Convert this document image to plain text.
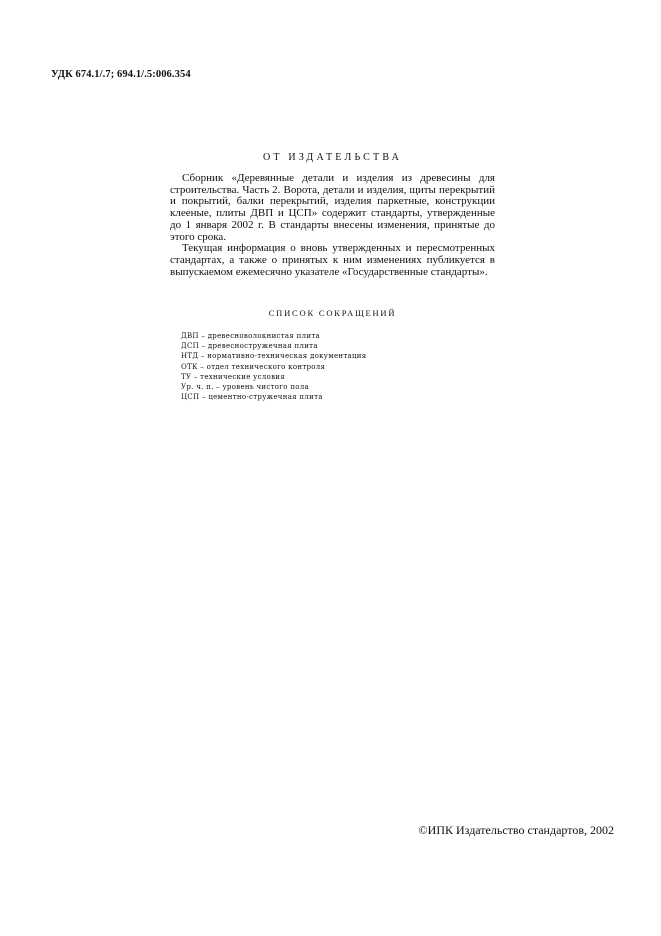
УДК 674.1/.7; 694.1/.5:006.354
ОТ ИЗДАТЕЛЬСТВА

Сборник «Деревянные детали и изделия из древесины для строительства. Часть 2. Ворота, детали и изделия, щиты перекрытий и покрытий, балки перекрытий, изделия паркетные, конструкции клееные, плиты ДВП и ЦСП» содержит стандарты, утвержденные до 1 января 2002 г. В стандарты внесены изменения, принятые до этого срока.

Текущая информация о вновь утвержденных и пересмотренных стандартах, а также о принятых к ним изменениях публикуется в выпускаемом ежемесячно указателе «Государственные стандарты».

СПИСОК СОКРАЩЕНИЙ
ДВП – древесноволокнистая плита
ДСП – древесностружечная плита
НТД – нормативно-техническая документация
ОТК – отдел технического контроля
ТУ – технические условия
Ур. ч. п. – уровень чистого пола
ЦСП – цементно-стружечная плита
©ИПК Издательство стандартов, 2002
